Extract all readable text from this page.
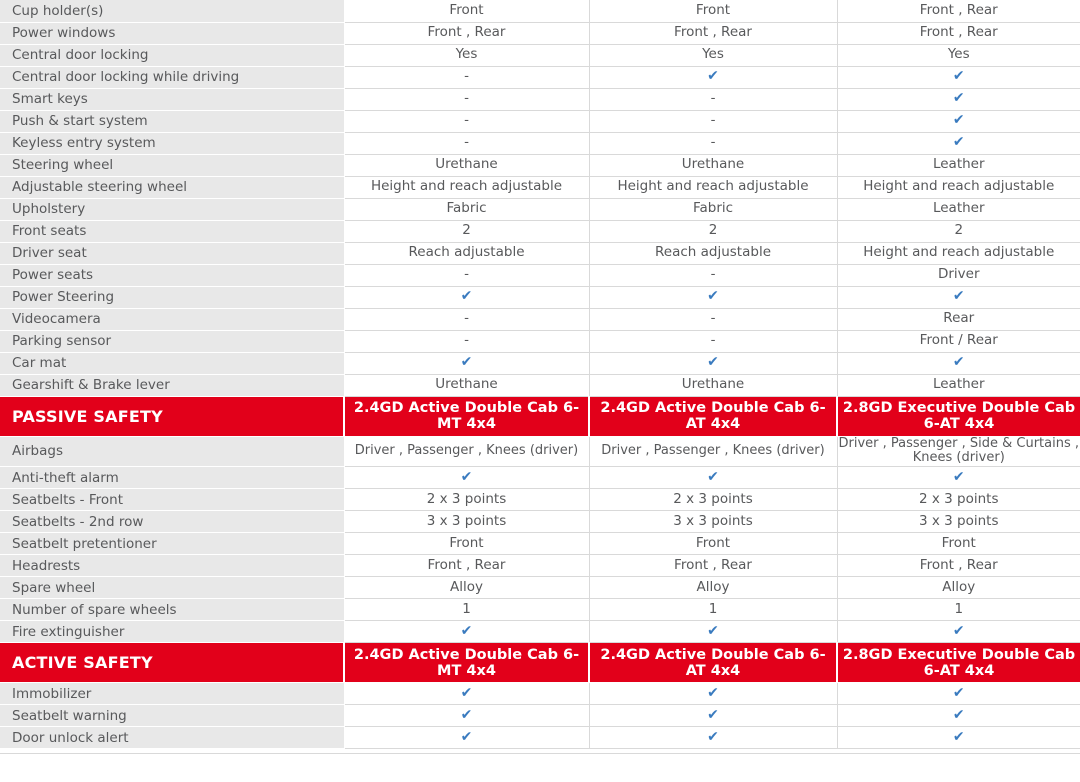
Cup holder(s)	Front	Front	Front , Rear
Power windows	Front , Rear	Front , Rear	Front , Rear
Central door locking	Yes	Yes	Yes
Central door locking while driving	-	✔	✔
Smart keys	-	-	✔
Push & start system	-	-	✔
Keyless entry system	-	-	✔
Steering wheel	Urethane	Urethane	Leather
Adjustable steering wheel	Height and reach adjustable	Height and reach adjustable	Height and reach adjustable
Upholstery	Fabric	Fabric	Leather
Front seats	2	2	2
Driver seat	Reach adjustable	Reach adjustable	Height and reach adjustable
Power seats	-	-	Driver
Power Steering	✔	✔	✔
Videocamera	-	-	Rear
Parking sensor	-	-	Front / Rear
Car mat	✔	✔	✔
Gearshift & Brake lever	Urethane	Urethane	Leather
PASSIVE SAFETY	2.4GD Active Double Cab 6-MT 4x4	2.4GD Active Double Cab 6-AT 4x4	2.8GD Executive Double Cab 6-AT 4x4
Airbags	Driver , Passenger , Knees (driver)	Driver , Passenger , Knees (driver)	Driver , Passenger , Side & Curtains , Knees (driver)
Anti-theft alarm	✔	✔	✔
Seatbelts - Front	2 x 3 points	2 x 3 points	2 x 3 points
Seatbelts - 2nd row	3 x 3 points	3 x 3 points	3 x 3 points
Seatbelt pretentioner	Front	Front	Front
Headrests	Front , Rear	Front , Rear	Front , Rear
Spare wheel	Alloy	Alloy	Alloy
Number of spare wheels	1	1	1
Fire extinguisher	✔	✔	✔
ACTIVE SAFETY	2.4GD Active Double Cab 6-MT 4x4	2.4GD Active Double Cab 6-AT 4x4	2.8GD Executive Double Cab 6-AT 4x4
Immobilizer	✔	✔	✔
Seatbelt warning	✔	✔	✔
Door unlock alert	✔	✔	✔
